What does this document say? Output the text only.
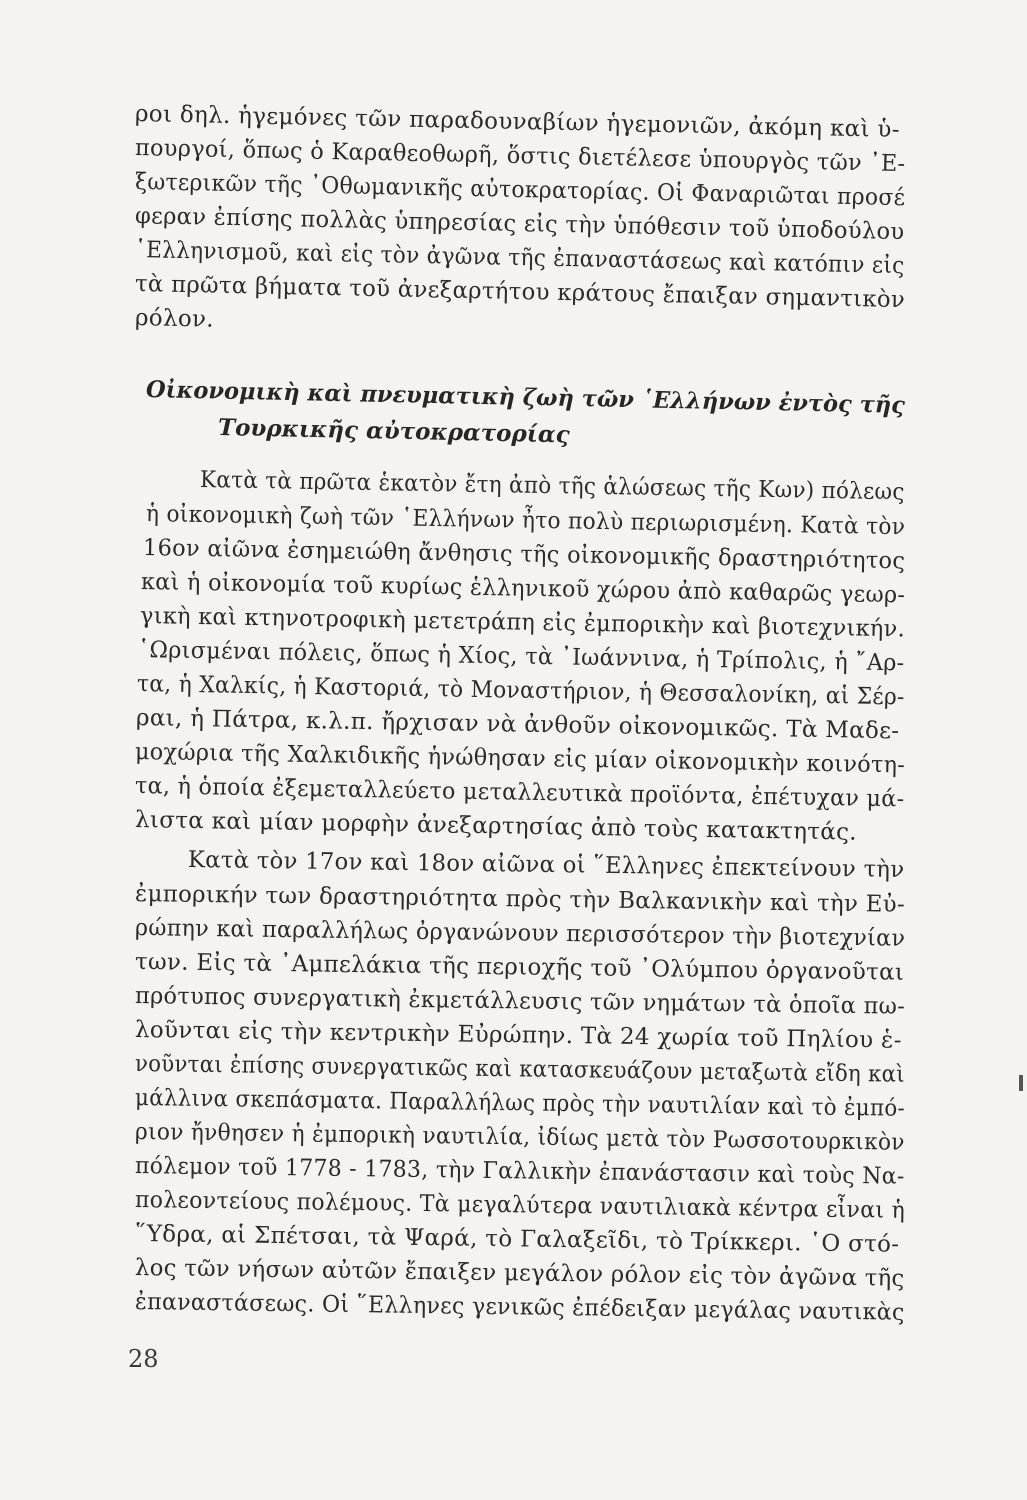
ροι δηλ. ἡγεμόνες τῶν παραδουναβίων ἡγεμονιῶν, ἀκόμη καὶ ὑ-
πουργοί, ὅπως ὁ Καραθεοθωρῆ, ὅστις διετέλεσε ὑπουργὸς τῶν ᾿Ε-
ξωτερικῶν τῆς ᾿Οθωμανικῆς αὐτοκρατορίας. Οἱ Φαναριῶται προσέ
φεραν ἐπίσης πολλὰς ὑπηρεσίας εἰς τὴν ὑπόθεσιν τοῦ ὑποδούλου
῾Ελληνισμοῦ, καὶ εἰς τὸν ἀγῶνα τῆς ἐπαναστάσεως καὶ κατόπιν εἰς
τὰ πρῶτα βήματα τοῦ ἀνεξαρτήτου κράτους ἔπαιξαν σημαντικὸν
ρόλον.
Οἰκονομικὴ καὶ πνευματικὴ ζωὴ τῶν ῾Ελλήνων ἐντὸς τῆς
Τουρκικῆς αὐτοκρατορίας
Κατὰ τὰ πρῶτα ἑκατὸν ἔτη ἀπὸ τῆς ἁλώσεως τῆς Κων) πόλεως
ἡ οἰκονομικὴ ζωὴ τῶν ῾Ελλήνων ἦτο πολὺ περιωρισμένη. Κατὰ τὸν
16ον αἰῶνα ἐσημειώθη ἄνθησις τῆς οἰκονομικῆς δραστηριότητος
καὶ ἡ οἰκονομία τοῦ κυρίως ἑλληνικοῦ χώρου ἀπὸ καθαρῶς γεωρ-
γικὴ καὶ κτηνοτροφικὴ μετετράπη εἰς ἐμπορικὴν καὶ βιοτεχνικήν.
῾Ωρισμέναι πόλεις, ὅπως ἡ Χίος, τὰ ᾿Ιωάννινα, ἡ Τρίπολις, ἡ ῎Αρ-
τα, ἡ Χαλκίς, ἡ Καστοριά, τὸ Μοναστήριον, ἡ Θεσσαλονίκη, αἱ Σέρ-
ραι, ἡ Πάτρα, κ.λ.π. ἤρχισαν νὰ ἀνθοῦν οἰκονομικῶς. Τὰ Μαδε-
μοχώρια τῆς Χαλκιδικῆς ἡνώθησαν εἰς μίαν οἰκονομικὴν κοινότη-
τα, ἡ ὁποία ἐξεμεταλλεύετο μεταλλευτικὰ προϊόντα, ἐπέτυχαν μά-
λιστα καὶ μίαν μορφὴν ἀνεξαρτησίας ἀπὸ τοὺς κατακτητάς.
Κατὰ τὸν 17ον καὶ 18ον αἰῶνα οἱ ῞Ελληνες ἐπεκτείνουν τὴν
ἐμπορικήν των δραστηριότητα πρὸς τὴν Βαλκανικὴν καὶ τὴν Εὐ-
ρώπην καὶ παραλλήλως ὀργανώνουν περισσότερον τὴν βιοτεχνίαν
των. Εἰς τὰ ᾿Αμπελάκια τῆς περιοχῆς τοῦ ᾿Ολύμπου ὀργανοῦται
πρότυπος συνεργατικὴ ἐκμετάλλευσις τῶν νημάτων τὰ ὁποῖα πω-
λοῦνται εἰς τὴν κεντρικὴν Εὐρώπην. Τὰ 24 χωρία τοῦ Πηλίου ἑ-
νοῦνται ἐπίσης συνεργατικῶς καὶ κατασκευάζουν μεταξωτὰ εἴδη καὶ
μάλλινα σκεπάσματα. Παραλλήλως πρὸς τὴν ναυτιλίαν καὶ τὸ ἐμπό-
ριον ἤνθησεν ἡ ἐμπορικὴ ναυτιλία, ἰδίως μετὰ τὸν Ρωσσοτουρκικὸν
πόλεμον τοῦ 1778 - 1783, τὴν Γαλλικὴν ἐπανάστασιν καὶ τοὺς Να-
πολεοντείους πολέμους. Τὰ μεγαλύτερα ναυτιλιακὰ κέντρα εἶναι ἡ
῞Υδρα, αἱ Σπέτσαι, τὰ Ψαρά, τὸ Γαλαξεῖδι, τὸ Τρίκκερι. ῾Ο στό-
λος τῶν νήσων αὐτῶν ἔπαιξεν μεγάλον ρόλον εἰς τὸν ἀγῶνα τῆς
ἐπαναστάσεως. Οἱ ῞Ελληνες γενικῶς ἐπέδειξαν μεγάλας ναυτικὰς
28
